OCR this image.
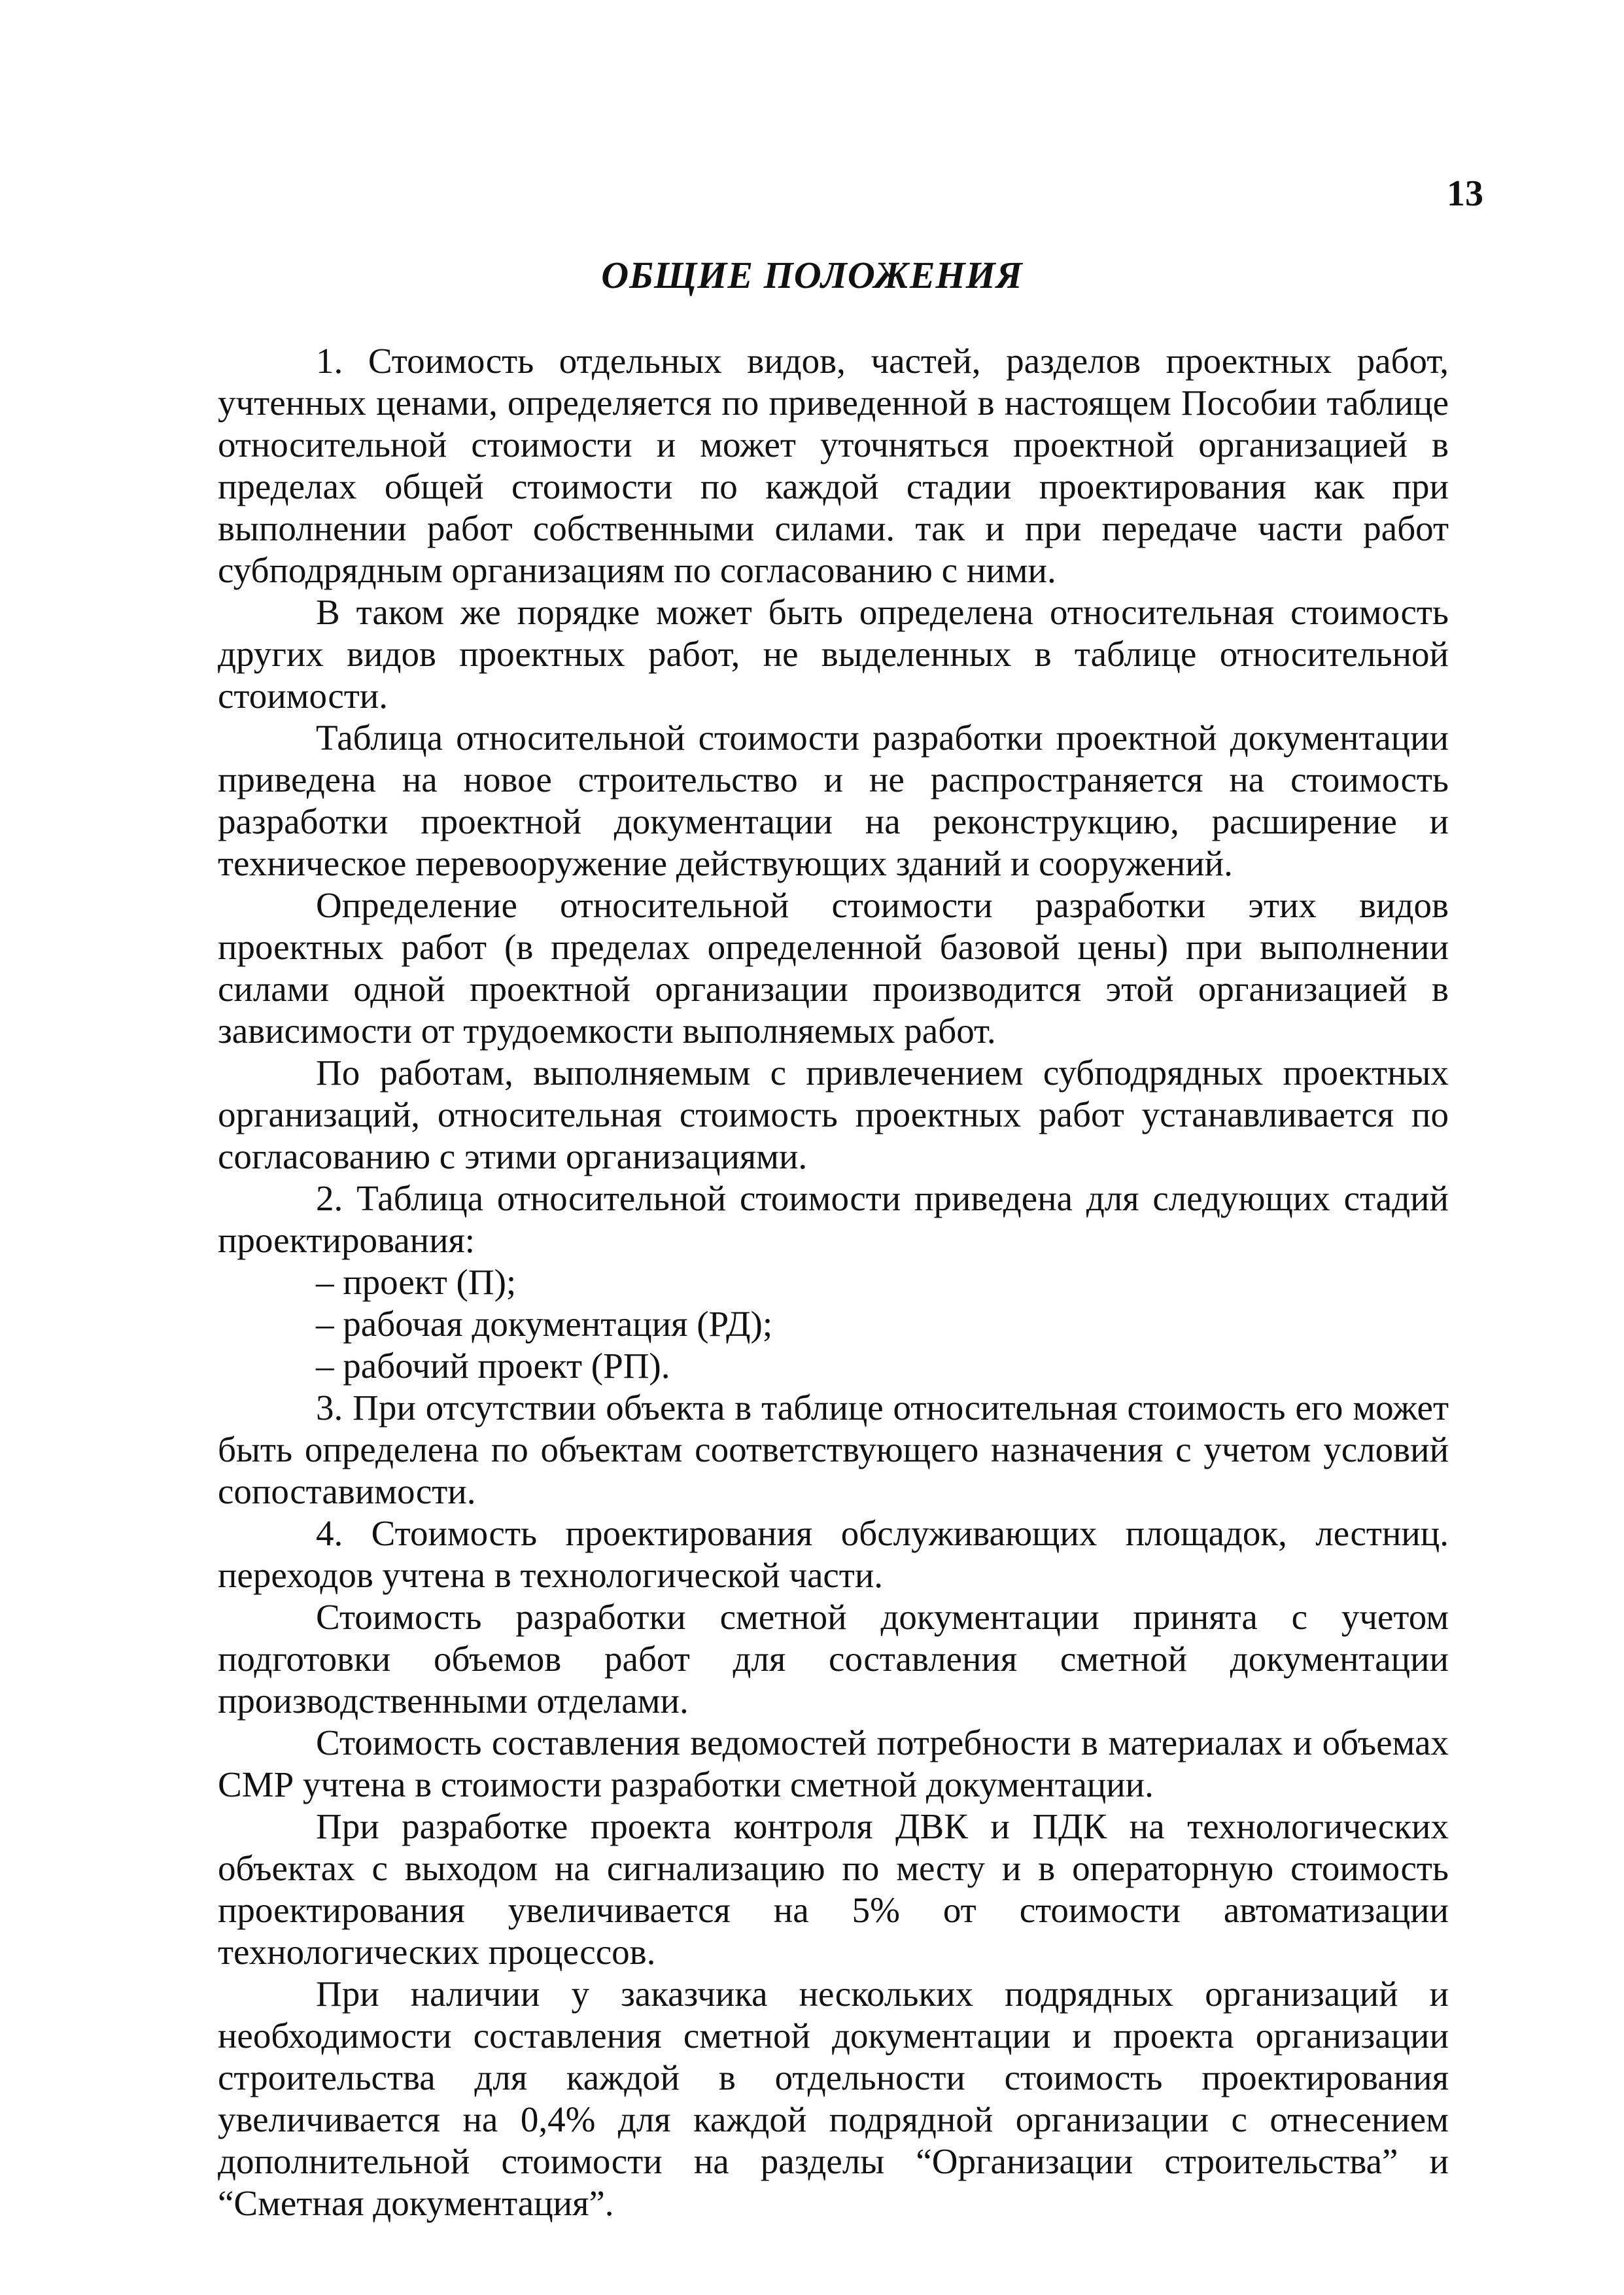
13
ОБЩИЕ ПОЛОЖЕНИЯ

1. Стоимость отдельных видов, частей, разделов проектных работ, учтенных ценами, определяется по приведенной в настоящем Пособии таблице относительной стоимости и может уточняться проектной организацией в пределах общей стоимости по каждой стадии проектирования как при выполнении работ собственными силами. так и при передаче части работ субподрядным организациям по согласованию с ними.

В таком же порядке может быть определена относительная стоимость других видов проектных работ, не выделенных в таблице относительной стоимости.

Таблица относительной стоимости разработки проектной документации приведена на новое строительство и не распространяется на стоимость разработки проектной документации на реконструкцию, расширение и техническое перевооружение действующих зданий и сооружений.

Определение относительной стоимости разработки этих видов проектных работ (в пределах определенной базовой цены) при выполнении силами одной проектной организации производится этой организацией в зависимости от трудоемкости выполняемых работ.

По работам, выполняемым с привлечением субподрядных проектных организаций, относительная стоимость проектных работ устанавливается по согласованию с этими организациями.

2. Таблица относительной стоимости приведена для следующих стадий проектирования:

– проект (П);

– рабочая документация (РД);

– рабочий проект (РП).

3. При отсутствии объекта в таблице относительная стоимость его может быть определена по объектам соответствующего назначения с учетом условий сопоставимости.

4. Стоимость проектирования обслуживающих площадок, лестниц. переходов учтена в технологической части.

Стоимость разработки сметной документации принята с учетом подготовки объемов работ для составления сметной документации производственными отделами.

Стоимость составления ведомостей потребности в материалах и объемах СМР учтена в стоимости разработки сметной документации.

При разработке проекта контроля ДВК и ПДК на технологических объектах с выходом на сигнализацию по месту и в операторную стоимость проектирования увеличивается на 5% от стоимости автоматизации технологических процессов.

При наличии у заказчика нескольких подрядных организаций и необходимости составления сметной документации и проекта организации строительства для каждой в отдельности стоимость проектирования увеличивается на 0,4% для каждой подрядной организации с отнесением дополнительной стоимости на разделы “Организации строительства” и “Сметная документация”.
